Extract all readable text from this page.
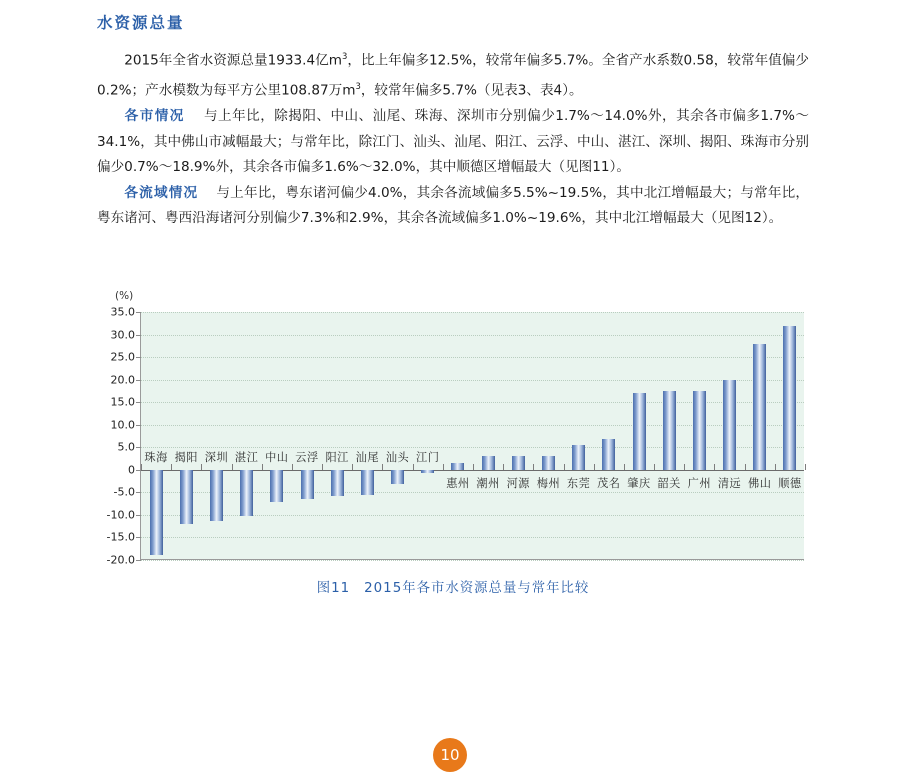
水资源总量

2015年全省水资源总量1933.4亿$m^3$，比上年偏多12.5%，较常年偏多5.7%。全省产水系数0.58，较常年值偏少0.2%；产水模数为每平方公里108.87万$m^3$，较常年偏多5.7%（见表3、表4）。

各市情况 与上年比，除揭阳、中山、汕尾、珠海、深圳市分别偏少1.7%～14.0%外，其余各市偏多1.7%～34.1%，其中佛山市减幅最大；与常年比，除江门、汕头、汕尾、阳江、云浮、中山、湛江、深圳、揭阳、珠海市分别偏少0.7%～18.9%外，其余各市偏多1.6%～32.0%，其中顺德区增幅最大（见图11）。

各流域情况 与上年比，粤东诸河偏少4.0%，其余各流域偏多5.5%~19.5%，其中北江增幅最大；与常年比，粤东诸河、粤西沿海诸河分别偏少7.3%和2.9%，其余各流域偏多1.0%~19.6%，其中北江增幅最大（见图12）。

(%)
35.0
30.0
25.0
20.0
15.0
10.0
5.0
0
-5.0
-10.0
-15.0
-20.0
珠海 揭阳 深圳 湛江 中山 云浮 阳江 汕尾 汕头 江门
惠州 潮州 河源 梅州 东莞 茂名 肇庆 韶关 广州 清远 佛山 顺德
图11 2015年各市水资源总量与常年比较
10
